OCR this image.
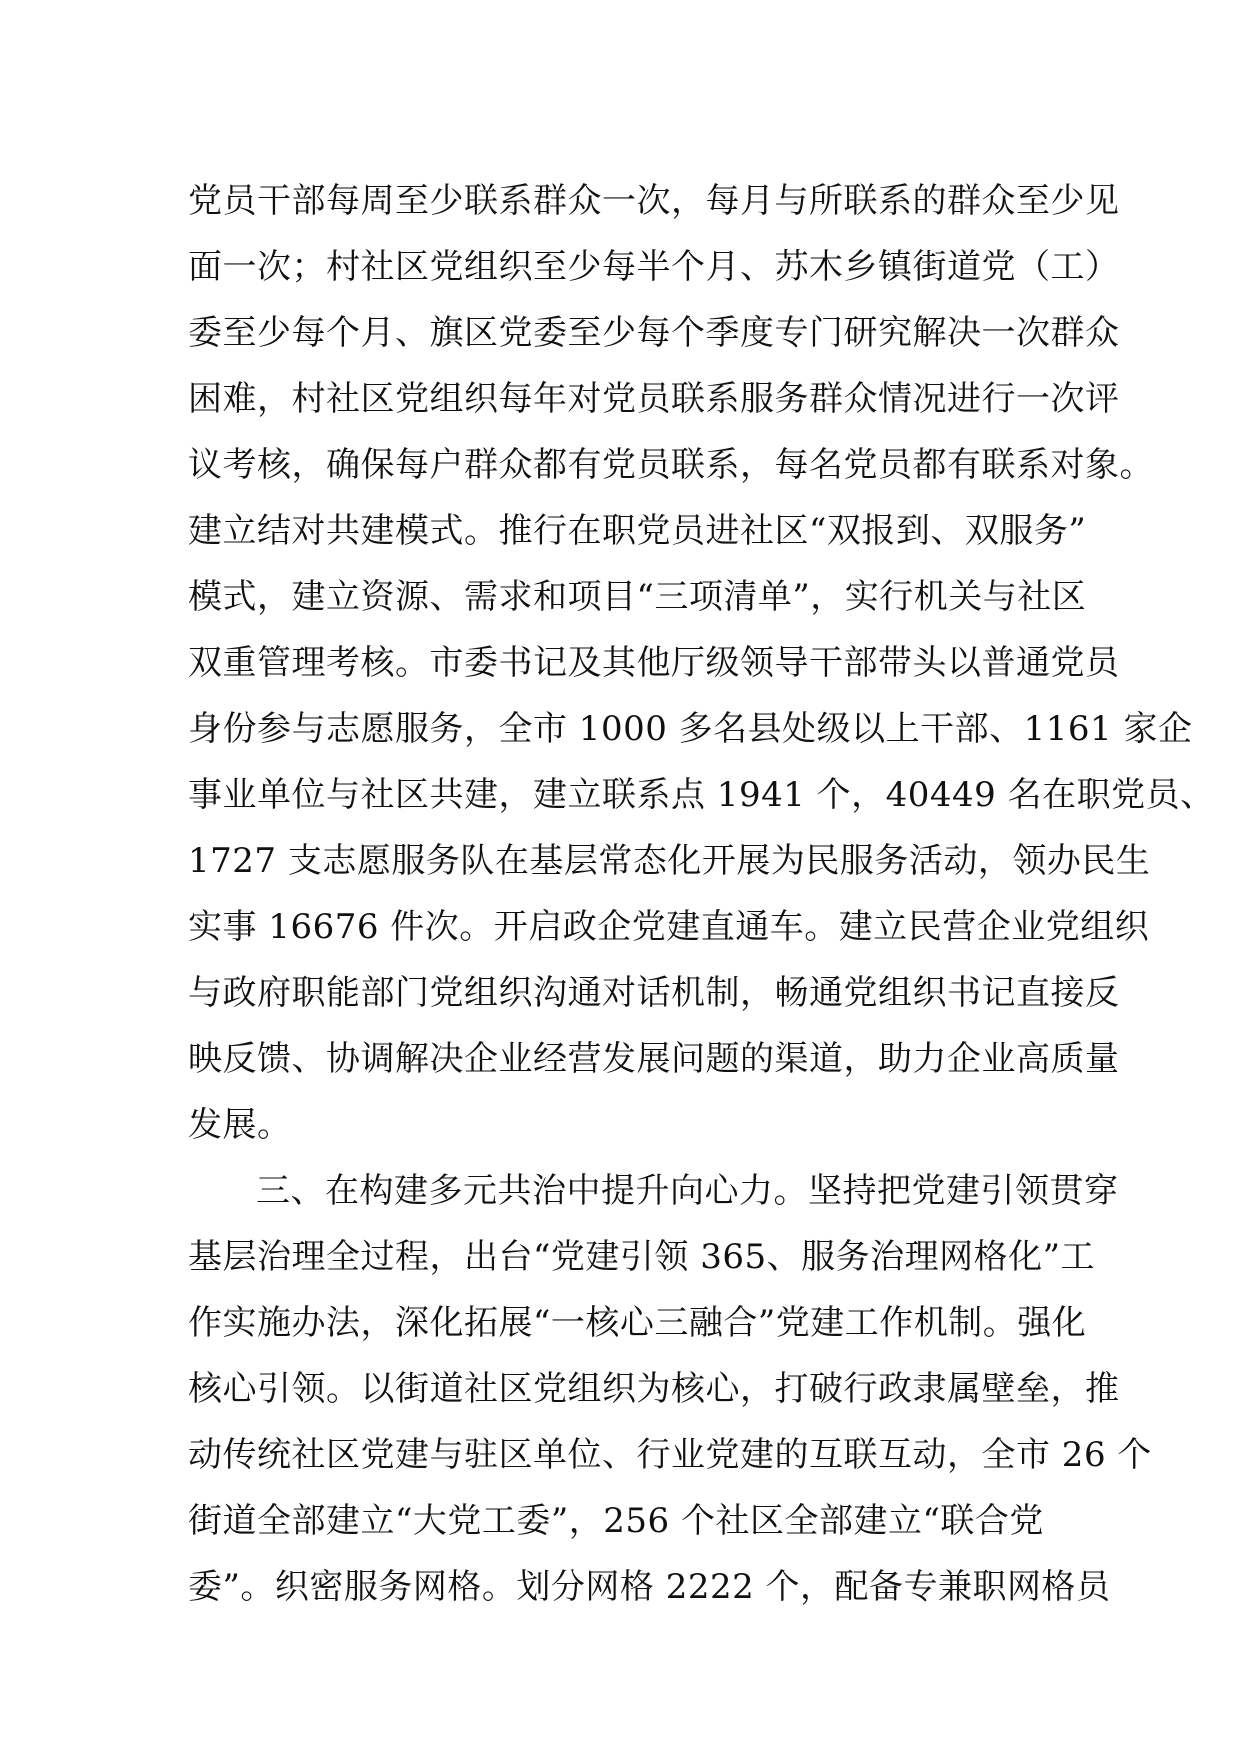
党员干部每周至少联系群众一次，每月与所联系的群众至少见
面一次；村社区党组织至少每半个月、苏木乡镇街道党（工）
委至少每个月、旗区党委至少每个季度专门研究解决一次群众
困难，村社区党组织每年对党员联系服务群众情况进行一次评
议考核，确保每户群众都有党员联系，每名党员都有联系对象。
建立结对共建模式。推行在职党员进社区“双报到、双服务”
模式，建立资源、需求和项目“三项清单”，实行机关与社区
双重管理考核。市委书记及其他厅级领导干部带头以普通党员
身份参与志愿服务，全市 1000 多名县处级以上干部、1161 家企
事业单位与社区共建，建立联系点 1941 个，40449 名在职党员、
1727 支志愿服务队在基层常态化开展为民服务活动，领办民生
实事 16676 件次。开启政企党建直通车。建立民营企业党组织
与政府职能部门党组织沟通对话机制，畅通党组织书记直接反
映反馈、协调解决企业经营发展问题的渠道，助力企业高质量
发展。
三、在构建多元共治中提升向心力。坚持把党建引领贯穿
基层治理全过程，出台“党建引领 365、服务治理网格化”工
作实施办法，深化拓展“一核心三融合”党建工作机制。强化
核心引领。以街道社区党组织为核心，打破行政隶属壁垒，推
动传统社区党建与驻区单位、行业党建的互联互动，全市 26 个
街道全部建立“大党工委”，256 个社区全部建立“联合党
委”。织密服务网格。划分网格 2222 个，配备专兼职网格员
